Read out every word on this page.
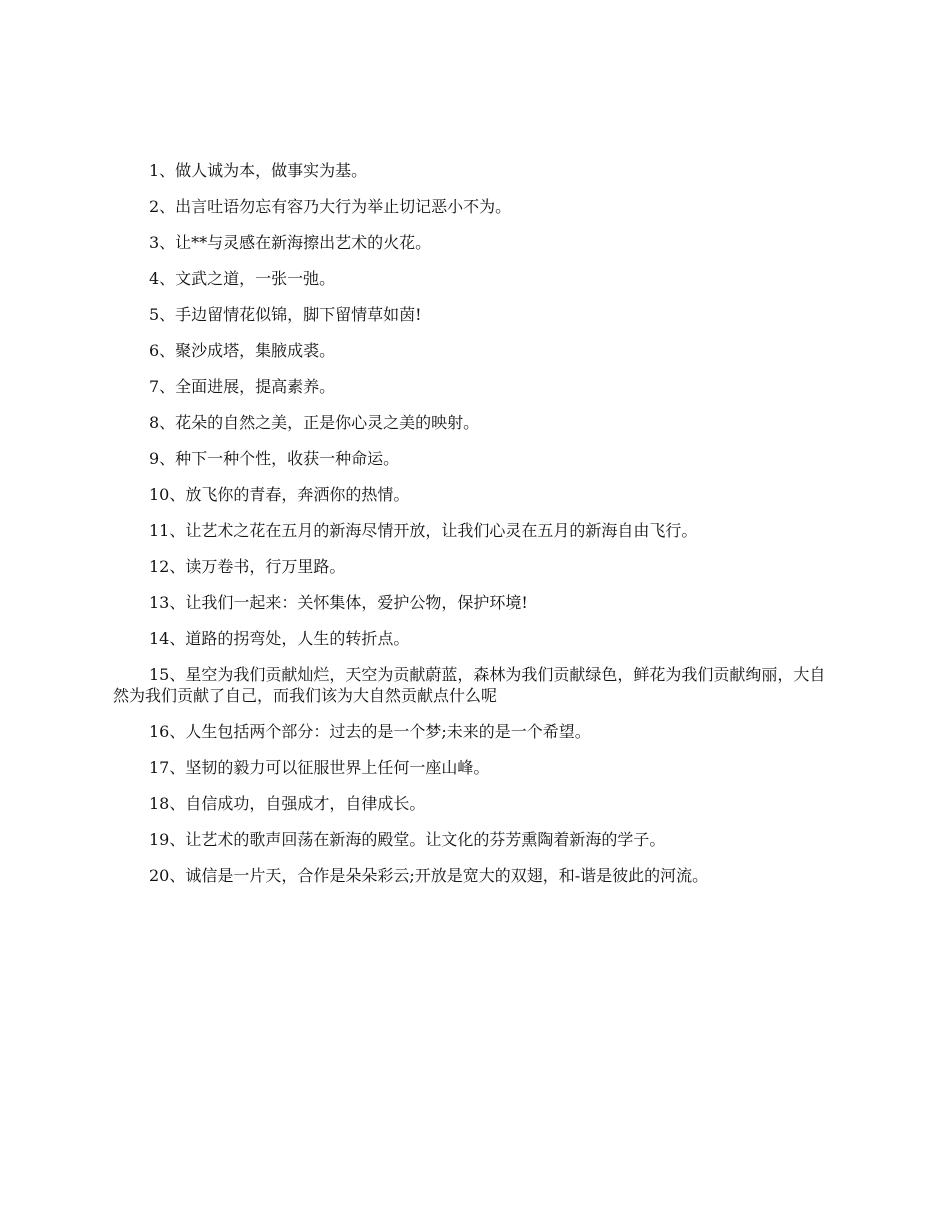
1、做人诚为本，做事实为基。

2、出言吐语勿忘有容乃大行为举止切记恶小不为。

3、让**与灵感在新海擦出艺术的火花。

4、文武之道，一张一弛。

5、手边留情花似锦，脚下留情草如茵!

6、聚沙成塔，集腋成裘。

7、全面进展，提高素养。

8、花朵的自然之美，正是你心灵之美的映射。

9、种下一种个性，收获一种命运。

10、放飞你的青春，奔洒你的热情。

11、让艺术之花在五月的新海尽情开放，让我们心灵在五月的新海自由飞行。

12、读万卷书，行万里路。

13、让我们一起来：关怀集体，爱护公物，保护环境!

14、道路的拐弯处，人生的转折点。

15、星空为我们贡献灿烂，天空为贡献蔚蓝，森林为我们贡献绿色，鲜花为我们贡献绚丽，大自然为我们贡献了自己，而我们该为大自然贡献点什么呢

16、人生包括两个部分：过去的是一个梦;未来的是一个希望。

17、坚韧的毅力可以征服世界上任何一座山峰。

18、自信成功，自强成才，自律成长。

19、让艺术的歌声回荡在新海的殿堂。让文化的芬芳熏陶着新海的学子。

20、诚信是一片天，合作是朵朵彩云;开放是宽大的双翅，和-谐是彼此的河流。
